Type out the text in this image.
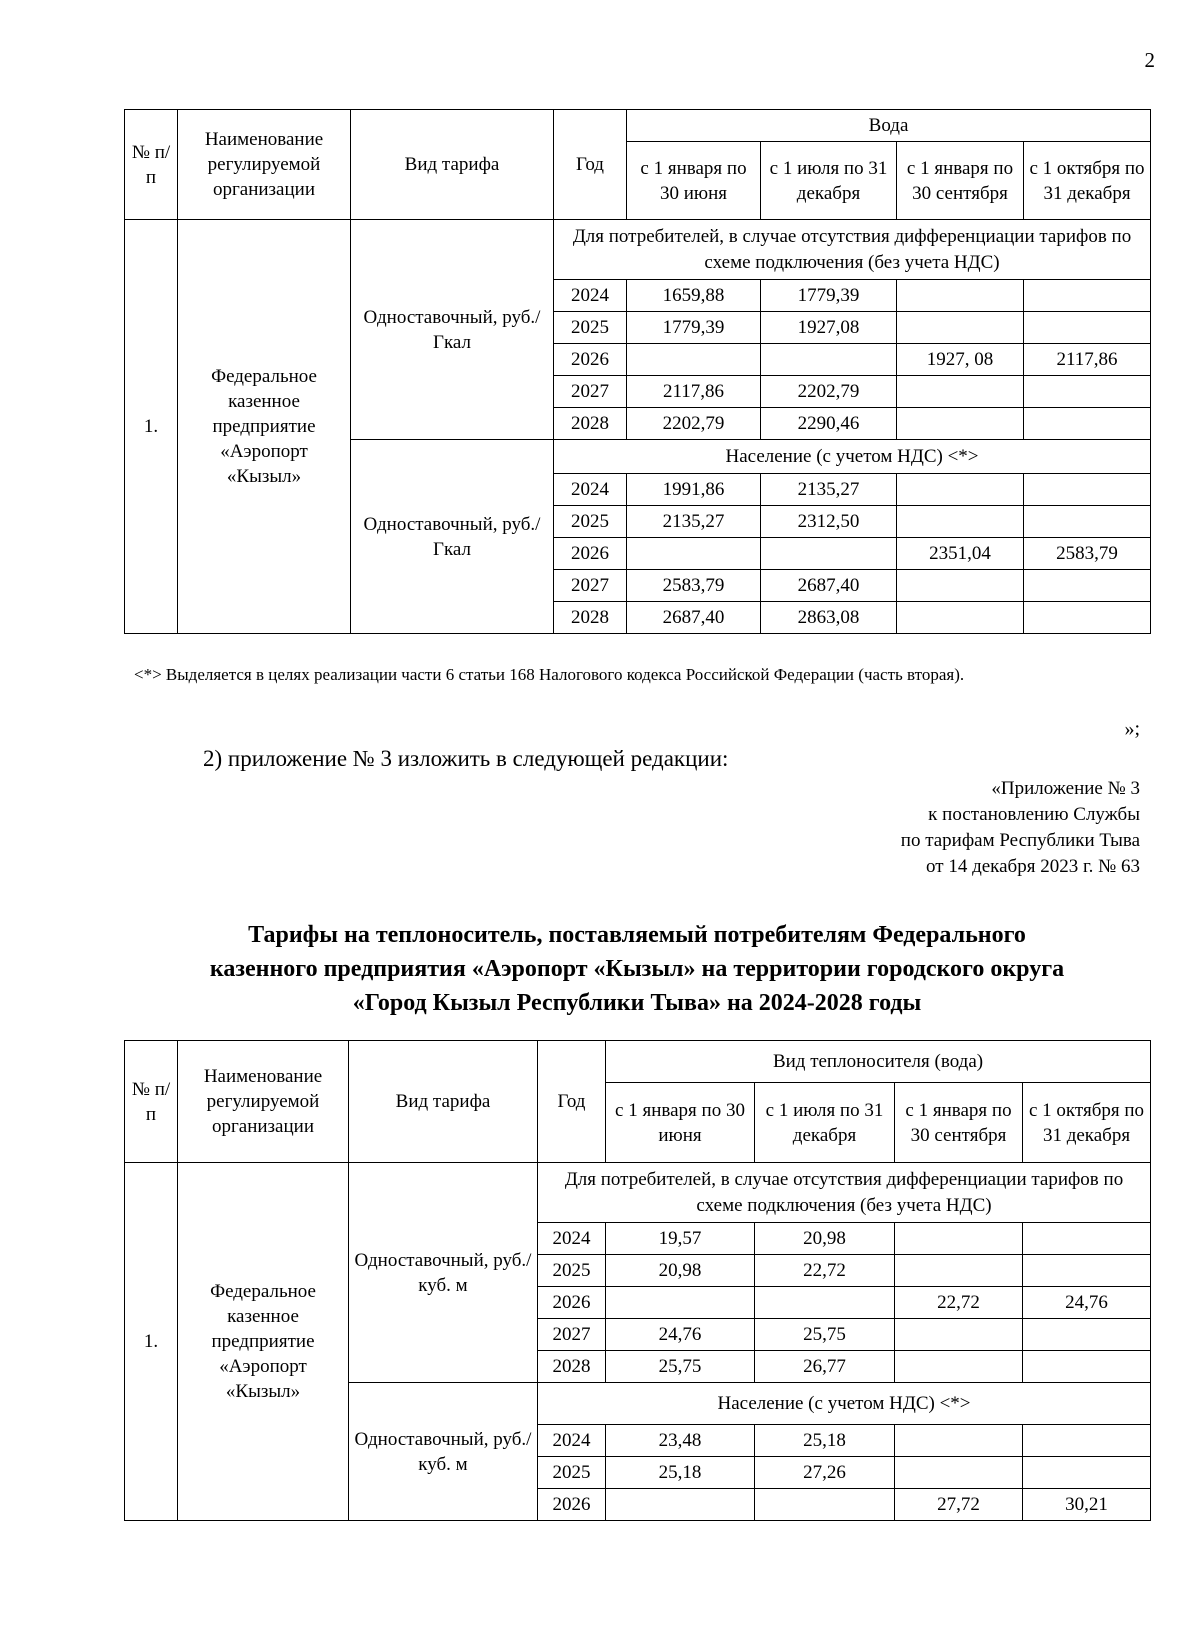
2
№ п/п	Наименование регулируемой организации	Вид тарифа	Год	Вода			
				с 1 января по 30 июня	с 1 июля по 31 декабря	с 1 января по 30 сентября	с 1 октября по 31 декабря
1.	Федеральное казенное предприятие «Аэропорт «Кызыл»	Одноставочный, руб./Гкал	Для потребителей, в случае отсутствия дифференциации тарифов по схеме подключения (без учета НДС)				
			2024	1659,88	1779,39		
			2025	1779,39	1927,08		
			2026			1927, 08	2117,86
			2027	2117,86	2202,79		
			2028	2202,79	2290,46		
		Одноставочный, руб./Гкал	Население (с учетом НДС) <*>				
			2024	1991,86	2135,27		
			2025	2135,27	2312,50		
			2026			2351,04	2583,79
			2027	2583,79	2687,40		
			2028	2687,40	2863,08		
<*> Выделяется в целях реализации части 6 статьи 168 Налогового кодекса Российской Федерации (часть вторая).
»;
2) приложение № 3 изложить в следующей редакции:
«Приложение № 3
к постановлению Службы
по тарифам Республики Тыва
от 14 декабря 2023 г. № 63
Тарифы на теплоноситель, поставляемый потребителям Федерального
казенного предприятия «Аэропорт «Кызыл» на территории городского округа
«Город Кызыл Республики Тыва» на 2024-2028 годы
№ п/п	Наименование регулируемой организации	Вид тарифа	Год	Вид теплоносителя (вода)			
				с 1 января по 30 июня	с 1 июля по 31 декабря	с 1 января по 30 сентября	с 1 октября по 31 декабря
1.	Федеральное казенное предприятие «Аэропорт «Кызыл»	Одноставочный, руб./куб. м	Для потребителей, в случае отсутствия дифференциации тарифов по схеме подключения (без учета НДС)				
			2024	19,57	20,98		
			2025	20,98	22,72		
			2026			22,72	24,76
			2027	24,76	25,75		
			2028	25,75	26,77		
		Одноставочный, руб./куб. м	Население (с учетом НДС) <*>				
			2024	23,48	25,18		
			2025	25,18	27,26		
			2026			27,72	30,21
